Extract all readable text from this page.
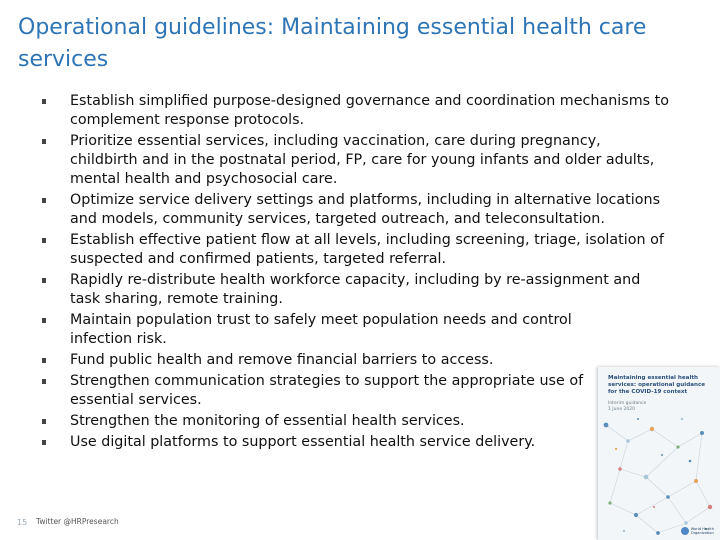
Operational guidelines: Maintaining essential health care services
Establish simplified purpose-designed governance and coordination mechanisms to complement response protocols.
Prioritize essential services, including vaccination, care during pregnancy, childbirth and in the postnatal period, FP, care for young infants and older adults, mental health and psychosocial care.
Optimize service delivery settings and platforms, including in alternative locations and models, community services, targeted outreach, and teleconsultation.
Establish effective patient flow at all levels, including screening, triage, isolation of suspected and confirmed patients, targeted referral.
Rapidly re-distribute health workforce capacity, including by re-assignment and task sharing, remote training.
Maintain population trust to safely meet population needs and control infection risk.
Fund public health and remove financial barriers to access.
Strengthen communication strategies to support the appropriate use of essential services.
Strengthen the monitoring of essential health services.
Use digital platforms to support essential health service delivery.
Maintaining essential health services: operational guidance for the COVID-19 context
Interim guidance
1 June 2020
World Health
Organization
15 Twitter @HRPresearch
